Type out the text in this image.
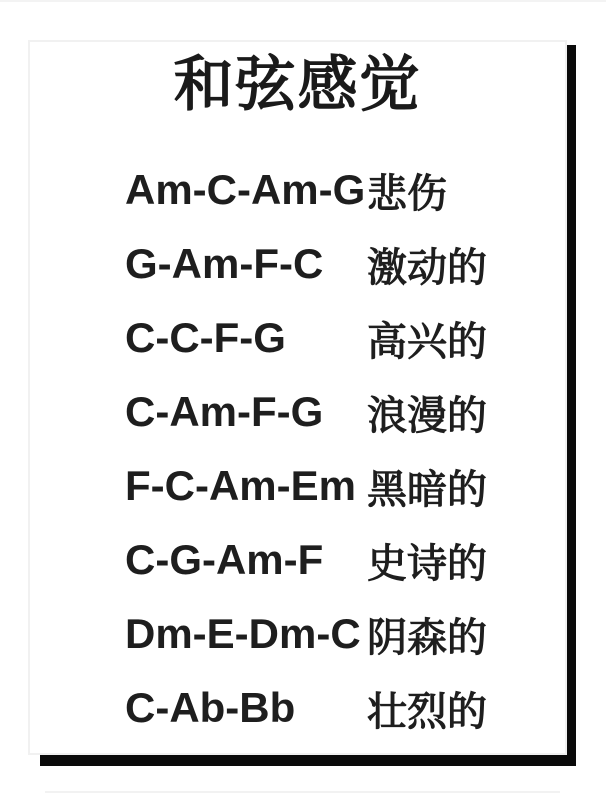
和弦感觉
Am-C-Am-G 悲伤
G-Am-F-C	激动的
C-C-F-G	高兴的
C-Am-F-G	浪漫的
F-C-Am-Em 黑暗的
C-G-Am-F	史诗的
Dm-E-Dm-C 阴森的
C-Ab-Bb	壮烈的
